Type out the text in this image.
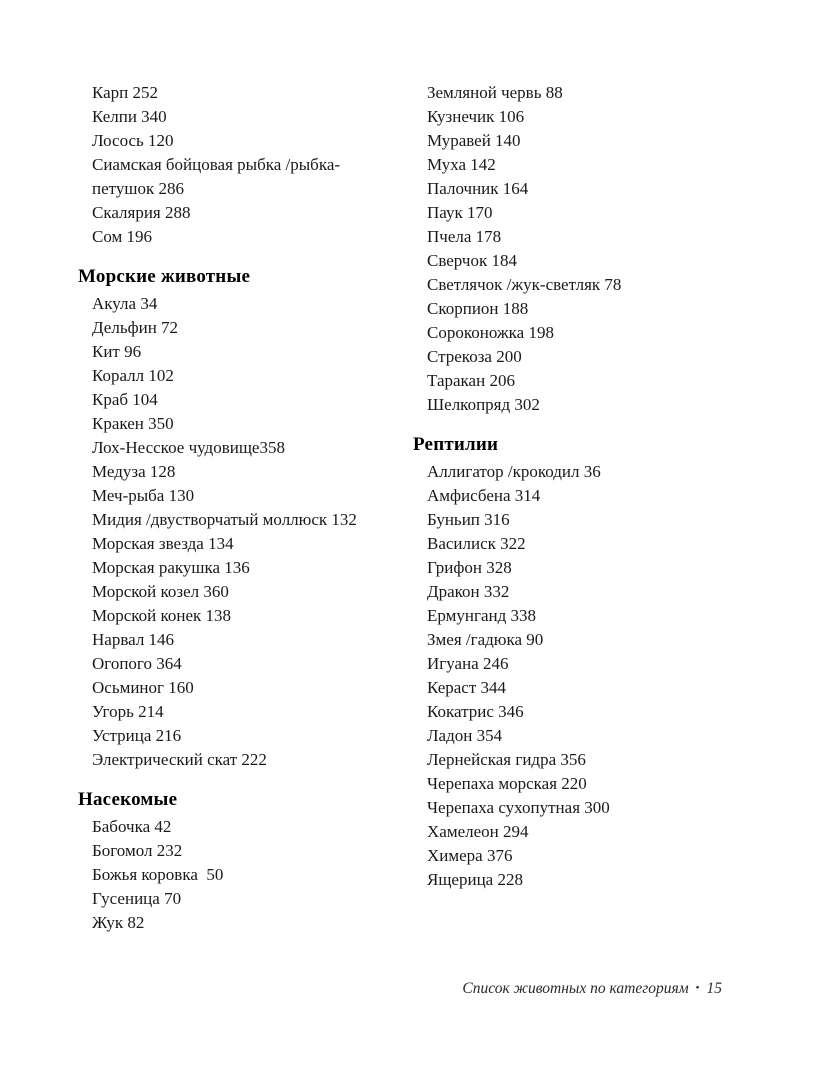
Карп 252
Келпи 340
Лосось 120
Сиамская бойцовая рыбка /рыбка-петушок 286
Скалярия 288
Сом 196
Морские животные
Акула 34
Дельфин 72
Кит 96
Коралл 102
Краб 104
Кракен 350
Лох-Несское чудовище358
Медуза 128
Меч-рыба 130
Мидия /двустворчатый моллюск 132
Морская звезда 134
Морская ракушка 136
Морской козел 360
Морской конек 138
Нарвал 146
Огопого 364
Осьминог 160
Угорь 214
Устрица 216
Электрический скат 222
Насекомые
Бабочка 42
Богомол 232
Божья коровка  50
Гусеница 70
Жук 82
Земляной червь 88
Кузнечик 106
Муравей 140
Муха 142
Палочник 164
Паук 170
Пчела 178
Сверчок 184
Светлячок /жук-светляк 78
Скорпион 188
Сороконожка 198
Стрекоза 200
Таракан 206
Шелкопряд 302
Рептилии
Аллигатор /крокодил 36
Амфисбена 314
Буньип 316
Василиск 322
Грифон 328
Дракон 332
Ермунганд 338
Змея /гадюка 90
Игуана 246
Кераст 344
Кокатрис 346
Ладон 354
Лернейская гидра 356
Черепаха морская 220
Черепаха сухопутная 300
Хамелеон 294
Химера 376
Ящерица 228
Список животных по категориям • 15
